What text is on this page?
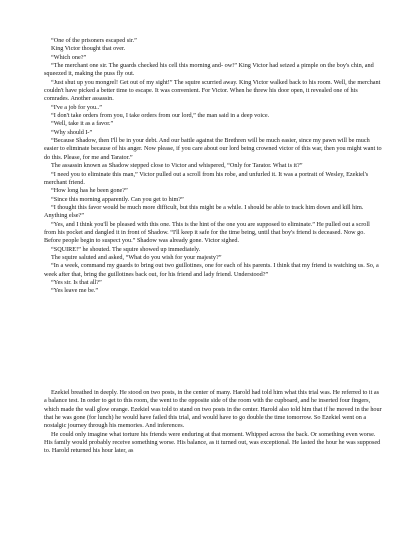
“One of the prisoners escaped sir.”

King Victor thought that over.

“Which one?”

“The merchant one sir. The guards checked his cell this morning and- ow!” King Victor had seized a pimple on the boy's chin, and squeezed it, making the puss fly out.

“Just shut up you mongrel! Get out of my sight!” The squire scurried away. King Victor walked back to his room. Well, the merchant couldn't have picked a better time to escape. It was convenient. For Victor. When he threw his door open, it revealed one of his comrades. Another assassin.

“I've a job for you..”

“I don't take orders from you, I take orders from our lord,” the man said in a deep voice.

“Well, take it as a favor.”

“Why should I-”

“Because Shadow, then I'll be in your debt. And our battle against the Brethren will be much easier, since my pawn will be much easier to eliminate because of his anger. Now please, if you care about our lord being crowned victor of this war, then you might want to do this. Please, for me and Tarator.”

The assassin known as Shadow stepped close to Victor and whispered, “Only for Tarator. What is it?”

“I need you to eliminate this man,” Victor pulled out a scroll from his robe, and unfurled it. It was a portrait of Wesley, Ezekiel's merchant friend.

“How long has he been gone?”

“Since this morning apparently. Can you get to him?”

“I thought this favor would be much more difficult, but this might be a while. I should be able to track him down and kill him. Anything else?”

“Yes, and I think you'll be pleased with this one. This is the hint of the one you are supposed to eliminate.” He pulled out a scroll from his pocket and dangled it in front of Shadow. “I'll keep it safe for the time being, until that boy's friend is deceased. Now go. Before people begin to suspect you.” Shadow was already gone. Victor sighed.

“SQUIRE!” he shouted. The squire showed up immediately.

The squire saluted and asked, “What do you wish for your majesty?”

“In a week, command my guards to bring out two guillotines, one for each of his parents. I think that my friend is watching us. So, a week after that, bring the guillotines back out, for his friend and lady friend. Understood?”

“Yes sir. Is that all?”

“Yes leave me be.”

Ezekiel breathed in deeply. He stood on two posts, in the center of many. Harold had told him what this trial was. He referred to it as a balance test. In order to get to this room, the went to the opposite side of the room with the cupboard, and he inserted four fingers, which made the wall glow orange. Ezekiel was told to stand on two posts in the center. Harold also told him that if he moved in the hour that he was gone (for lunch) he would have failed this trial, and would have to go double the time tomorrow. So Ezekiel went on a nostalgic journey through his memories. And inferences.

He could only imagine what torture his friends were enduring at that moment. Whipped across the back. Or something even worse. His family would probably receive something worse. His balance, as it turned out, was exceptional. He lasted the hour he was supposed to. Harold returned his hour later, as
